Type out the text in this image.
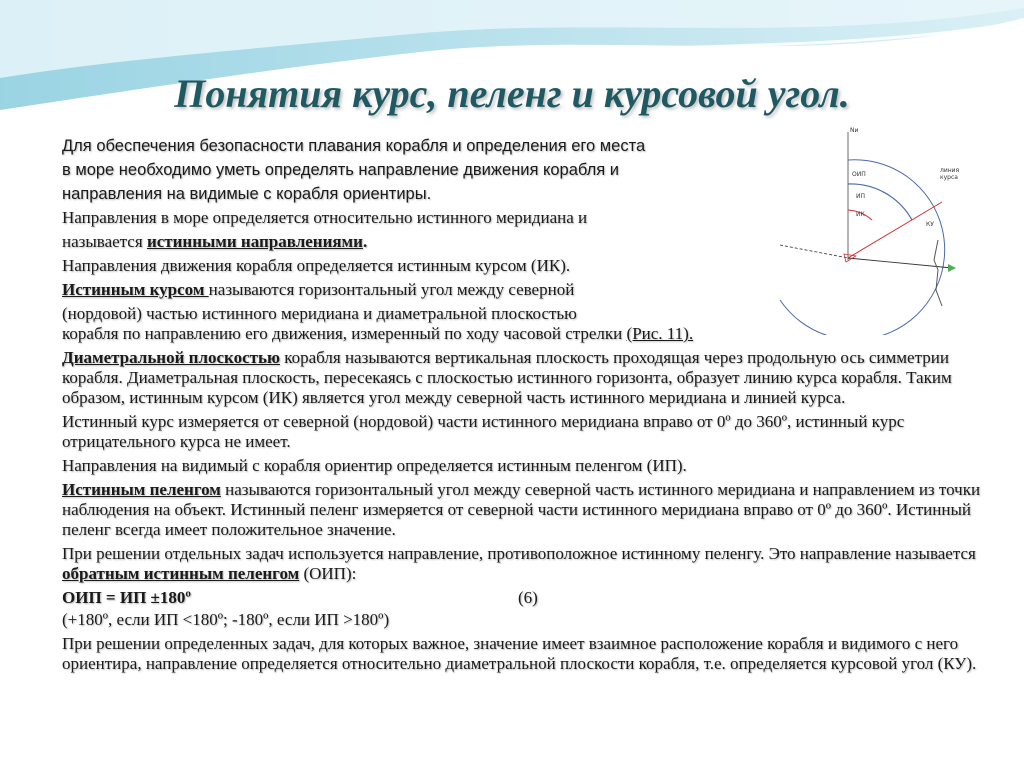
Понятия курс, пеленг и курсовой угол.
Nи
ОИП
ИП
ИК
КУ
линия
курса
Для обеспечения безопасности плавания корабля и определения его места
в море необходимо уметь определять направление движения корабля и
направления на видимые с корабля ориентиры.
Направления в море определяется относительно истинного меридиана и
называется истинными направлениями.
Направления движения корабля определяется истинным курсом (ИК).
Истинным курсом называются горизонтальный угол между северной
(нордовой) частью истинного меридиана и диаметральной плоскостью
корабля по направлению его движения, измеренный по ходу часовой стрелки (Рис. 11).

Диаметральной плоскостью корабля называются вертикальная плоскость проходящая через продольную ось симметрии корабля. Диаметральная плоскость, пересекаясь с плоскостью истинного горизонта, образует линию курса корабля. Таким образом, истинным курсом (ИК) является угол между северной часть истинного меридиана и линией курса.

Истинный курс измеряется от северной (нордовой) части истинного меридиана вправо от 0º до 360º, истинный курс отрицательного курса не имеет.

Направления на видимый с корабля ориентир определяется истинным пеленгом (ИП).

Истинным пеленгом называются горизонтальный угол между северной часть истинного меридиана и направлением из точки наблюдения на объект. Истинный пеленг измеряется от северной части истинного меридиана вправо от 0º до 360º. Истинный пеленг всегда имеет положительное значение.

При решении отдельных задач используется направление, противоположное истинному пеленгу. Это направление называется обратным истинным пеленгом (ОИП):

ОИП = ИП ±180º	(6)

(+180º, если ИП <180º; -180º, если ИП >180º)

При решении определенных задач, для которых важное, значение имеет взаимное расположение корабля и видимого с него ориентира, направление определяется относительно диаметральной плоскости корабля, т.е. определяется курсовой угол (КУ).
